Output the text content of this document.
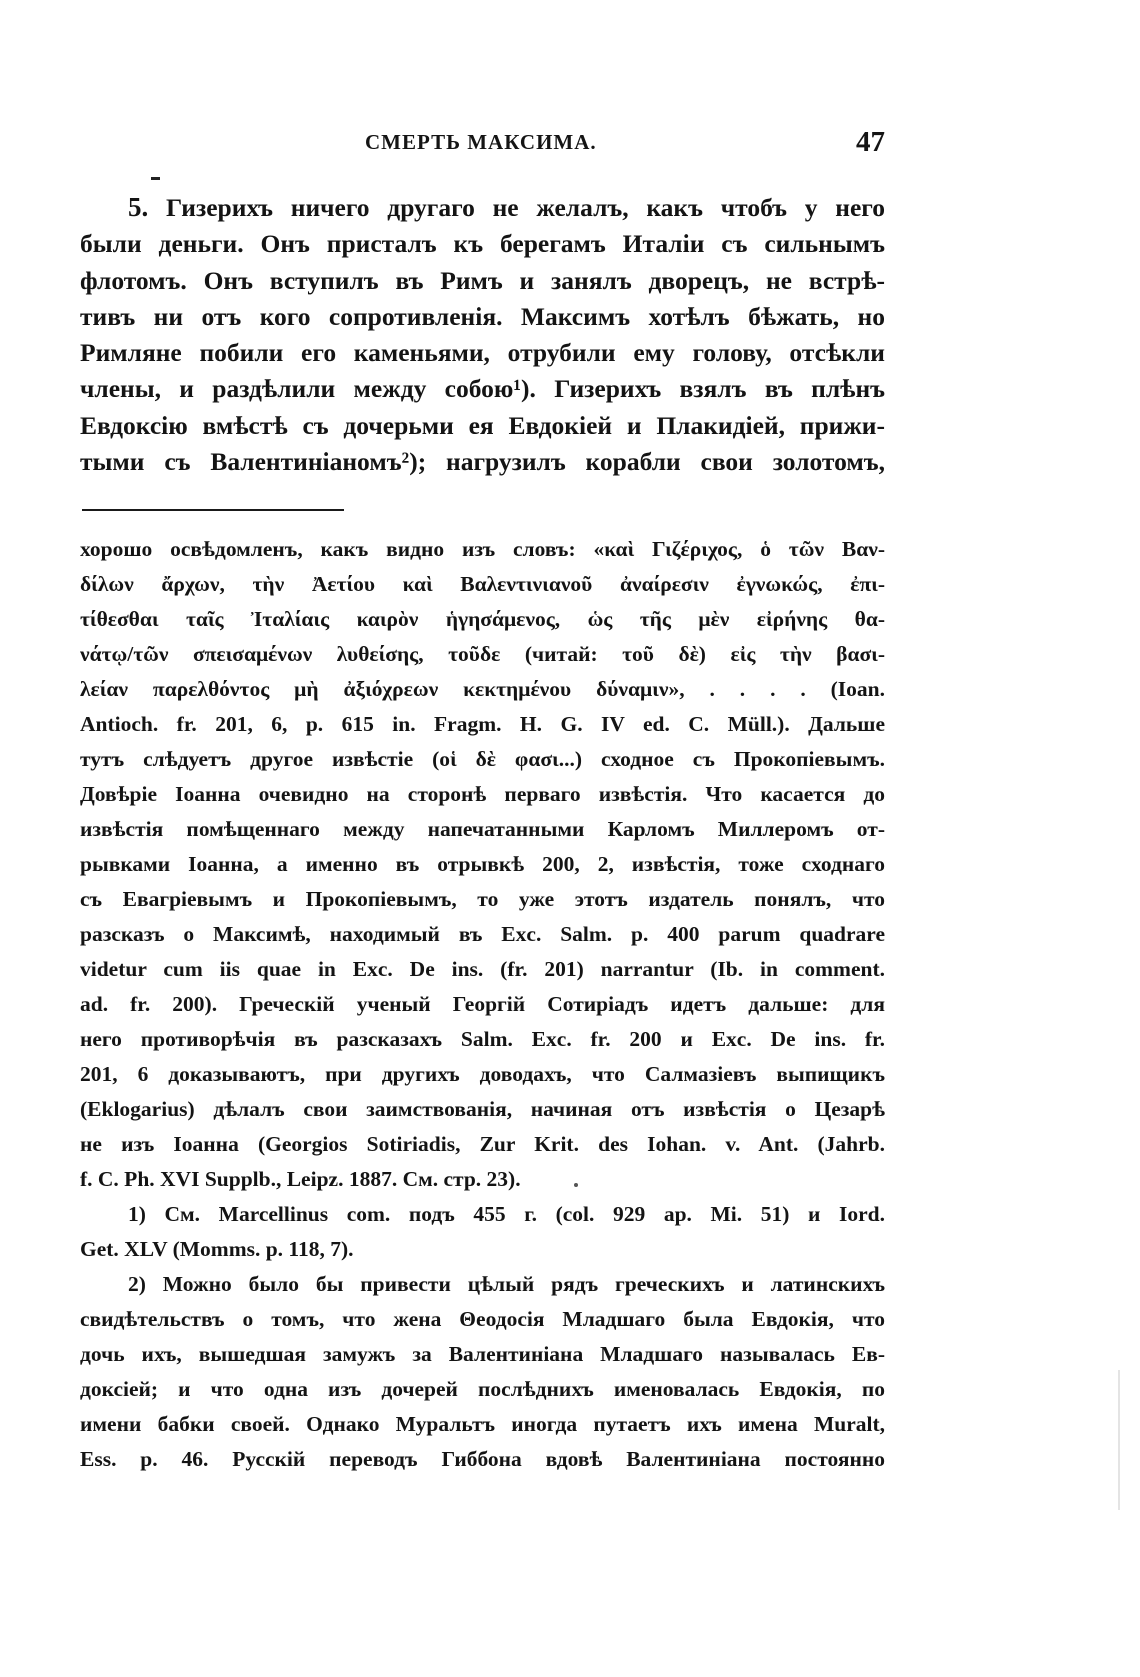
СМЕРТЬ МАКСИМА.	47
5. Гизерихъ ничего другаго не желалъ, какъ чтобъ у него
были деньги. Онъ присталъ къ берегамъ Италіи съ сильнымъ
флотомъ. Онъ вступилъ въ Римъ и занялъ дворецъ, не встрѣ-
тивъ ни отъ кого сопротивленія. Максимъ хотѣлъ бѣжать, но
Римляне побили его каменьями, отрубили ему голову, отсѣкли
члены, и раздѣлили между собою¹). Гизерихъ взялъ въ плѣнъ
Евдоксію вмѣстѣ съ дочерьми ея Евдокіей и Плакидіей, прижи-
тыми съ Валентиніаномъ²); нагрузилъ корабли свои золотомъ,
хорошо освѣдомленъ, какъ видно изъ словъ: «καὶ Γιζέριχος, ὁ τῶν Βαν-
δίλων ἄρχων, τὴν Ἀετίου καὶ Βαλεντινιανοῦ ἀναίρεσιν ἐγνωκώς, ἐπι-
τίθεσθαι ταῖς Ἰταλίαις καιρὸν ἡγησάμενος, ὡς τῆς μὲν εἰρήνης θα-
νάτῳ/τῶν σπεισαμένων λυθείσης, τοῦδε (читай: τοῦ δὲ) εἰς τὴν βασι-
λείαν παρελθόντος μὴ ἀξιόχρεων κεκτημένου δύναμιν», . . . . (Ioan.
Antioch. fr. 201, 6, p. 615 in. Fragm. H. G. IV ed. C. Müll.). Дальше
тутъ слѣдуетъ другое извѣстіе (οἱ δὲ φασι...) сходное съ Прокопіевымъ.
Довѣріе Іоанна очевидно на сторонѣ перваго извѣстія. Что касается до
извѣстія помѣщеннаго между напечатанными Карломъ Миллеромъ от-
рывками Іоанна, а именно въ отрывкѣ 200, 2, извѣстія, тоже сходнаго
съ Евагріевымъ и Прокопіевымъ, то уже этотъ издатель понялъ, что
разсказъ о Максимѣ, находимый въ Exc. Salm. p. 400 parum quadrare
videtur cum iis quae in Exc. De ins. (fr. 201) narrantur (Ib. in comment.
ad. fr. 200). Греческій ученый Георгій Сотиріадъ идетъ дальше: для
него противорѣчія въ разсказахъ Salm. Exc. fr. 200 и Exc. De ins. fr.
201, 6 доказываютъ, при другихъ доводахъ, что Салмазіевъ выпищикъ
(Eklogarius) дѣлалъ свои заимствованія, начиная отъ извѣстія о Цезарѣ
не изъ Іоанна (Georgios Sotiriadis, Zur Krit. des Iohan. v. Ant. (Jahrb.
f. C. Ph. XVI Supplb., Leipz. 1887. См. стр. 23).
1) См. Marcellinus com. подъ 455 г. (col. 929 ap. Mi. 51) и Iord.
Get. XLV (Momms. p. 118, 7).
2) Можно было бы привести цѣлый рядъ греческихъ и латинскихъ
свидѣтельствъ о томъ, что жена Θеодосія Младшаго была Евдокія, что
дочь ихъ, вышедшая замужъ за Валентиніана Младшаго называлась Ев-
доксіей; и что одна изъ дочерей послѣднихъ именовалась Евдокія, по
имени бабки своей. Однако Муральтъ иногда путаетъ ихъ имена Muralt,
Ess. p. 46. Русскій переводъ Гиббона вдовѣ Валентиніана постоянно
